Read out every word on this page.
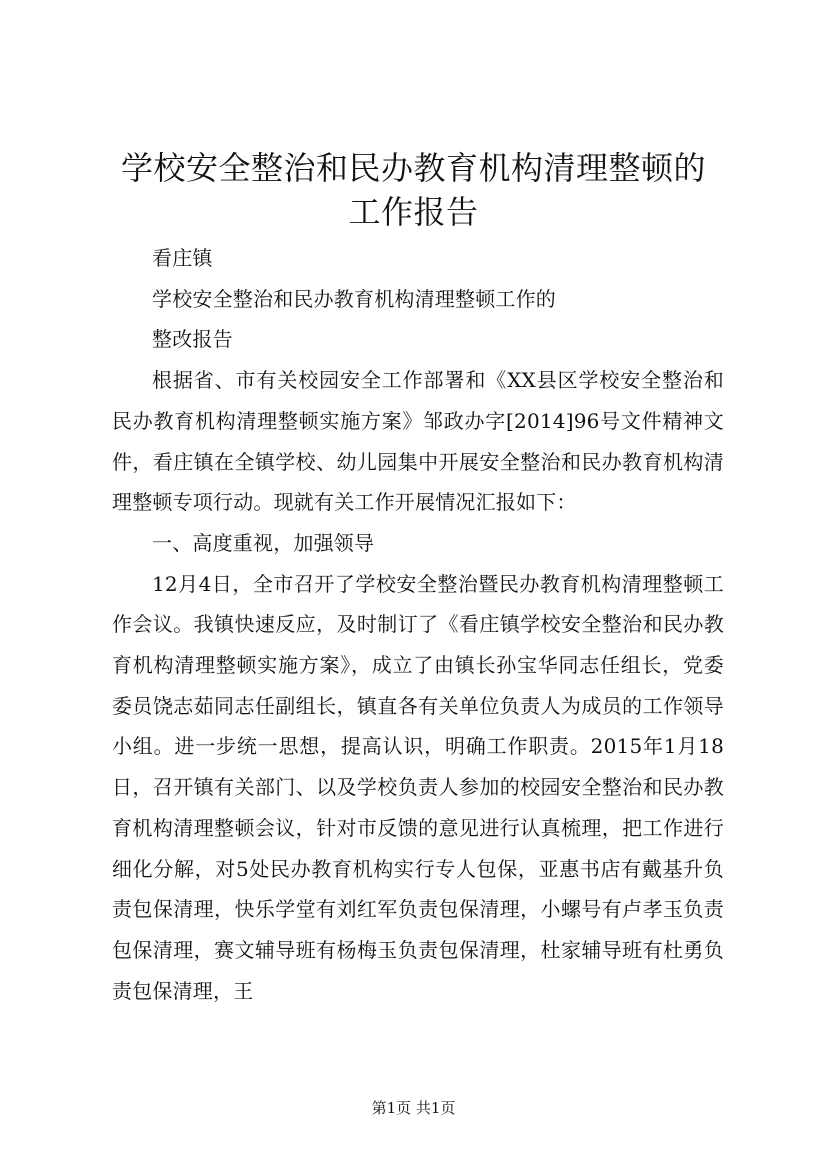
学校安全整治和民办教育机构清理整顿的工作报告

看庄镇

学校安全整治和民办教育机构清理整顿工作的

整改报告

根据省、市有关校园安全工作部署和《XX县区学校安全整治和民办教育机构清理整顿实施方案》邹政办字[2014]96号文件精神文件，看庄镇在全镇学校、幼儿园集中开展安全整治和民办教育机构清理整顿专项行动。现就有关工作开展情况汇报如下：

一、高度重视，加强领导

12月4日，全市召开了学校安全整治暨民办教育机构清理整顿工作会议。我镇快速反应，及时制订了《看庄镇学校安全整治和民办教育机构清理整顿实施方案》，成立了由镇长孙宝华同志任组长，党委委员饶志茹同志任副组长，镇直各有关单位负责人为成员的工作领导小组。进一步统一思想，提高认识，明确工作职责。2015年1月18日，召开镇有关部门、以及学校负责人参加的校园安全整治和民办教育机构清理整顿会议，针对市反馈的意见进行认真梳理，把工作进行细化分解，对5处民办教育机构实行专人包保，亚惠书店有戴基升负责包保清理，快乐学堂有刘红军负责包保清理，小螺号有卢孝玉负责包保清理，赛文辅导班有杨梅玉负责包保清理，杜家辅导班有杜勇负责包保清理，王

第1页 共1页
